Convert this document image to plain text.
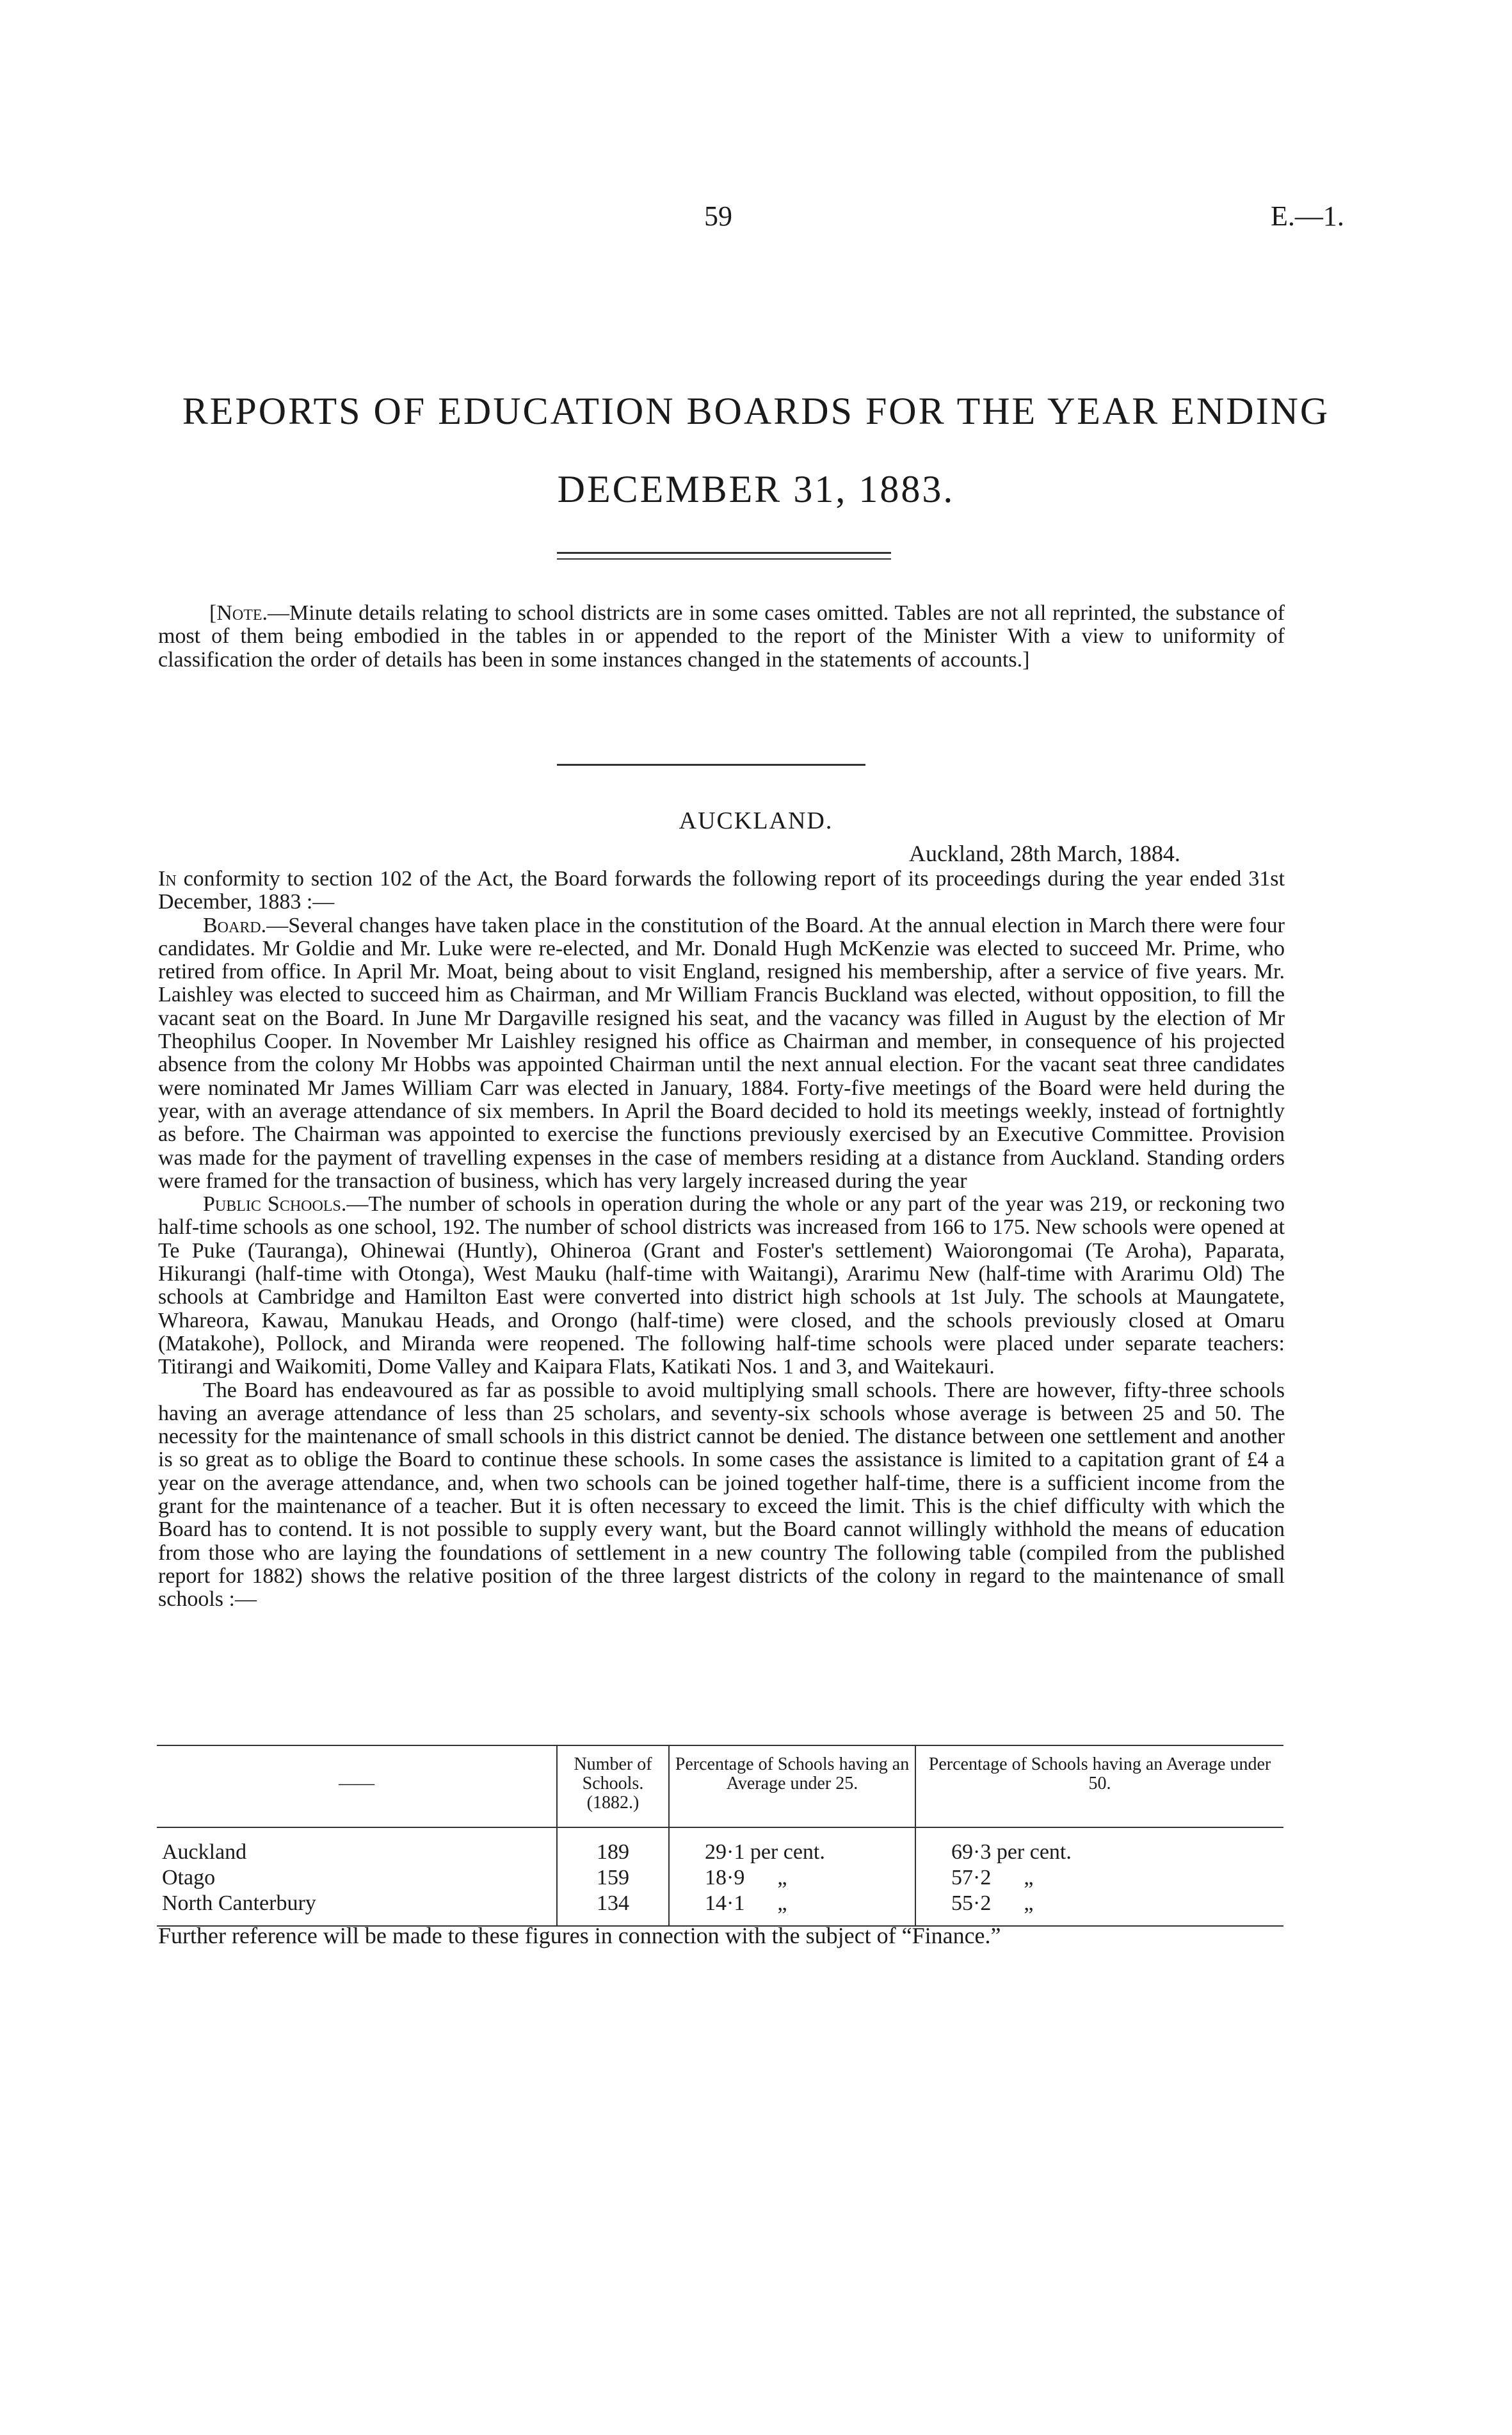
59	E.—1.
REPORTS OF EDUCATION BOARDS FOR THE YEAR ENDING
DECEMBER 31, 1883.
[Note.—Minute details relating to school districts are in some cases omitted. Tables are not all reprinted, the substance of most of them being embodied in the tables in or appended to the report of the Minister With a view to uniformity of classification the order of details has been in some instances changed in the statements of accounts.]
AUCKLAND.
Auckland, 28th March, 1884.

In conformity to section 102 of the Act, the Board forwards the following report of its proceedings during the year ended 31st December, 1883 :—

Board.—Several changes have taken place in the constitution of the Board. At the annual election in March there were four candidates. Mr Goldie and Mr. Luke were re-elected, and Mr. Donald Hugh McKenzie was elected to succeed Mr. Prime, who retired from office. In April Mr. Moat, being about to visit England, resigned his membership, after a service of five years. Mr. Laishley was elected to succeed him as Chairman, and Mr William Francis Buckland was elected, without opposition, to fill the vacant seat on the Board. In June Mr Dargaville resigned his seat, and the vacancy was filled in August by the election of Mr Theophilus Cooper. In November Mr Laishley resigned his office as Chairman and member, in consequence of his projected absence from the colony Mr Hobbs was appointed Chairman until the next annual election. For the vacant seat three candidates were nominated Mr James William Carr was elected in January, 1884. Forty-five meetings of the Board were held during the year, with an average attendance of six members. In April the Board decided to hold its meetings weekly, instead of fortnightly as before. The Chairman was appointed to exercise the functions previously exercised by an Executive Committee. Provision was made for the payment of travelling expenses in the case of members residing at a distance from Auckland. Standing orders were framed for the transaction of business, which has very largely increased during the year

Public Schools.—The number of schools in operation during the whole or any part of the year was 219, or reckoning two half-time schools as one school, 192. The number of school districts was increased from 166 to 175. New schools were opened at Te Puke (Tauranga), Ohinewai (Huntly), Ohineroa (Grant and Foster's settlement) Waiorongomai (Te Aroha), Paparata, Hikurangi (half-time with Otonga), West Mauku (half-time with Waitangi), Ararimu New (half-time with Ararimu Old) The schools at Cambridge and Hamilton East were converted into district high schools at 1st July. The schools at Maungatete, Whareora, Kawau, Manukau Heads, and Orongo (half-time) were closed, and the schools previously closed at Omaru (Matakohe), Pollock, and Miranda were reopened. The following half-time schools were placed under separate teachers: Titirangi and Waikomiti, Dome Valley and Kaipara Flats, Katikati Nos. 1 and 3, and Waitekauri.

The Board has endeavoured as far as possible to avoid multiplying small schools. There are however, fifty-three schools having an average attendance of less than 25 scholars, and seventy-six schools whose average is between 25 and 50. The necessity for the maintenance of small schools in this district cannot be denied. The distance between one settlement and another is so great as to oblige the Board to continue these schools. In some cases the assistance is limited to a capitation grant of £4 a year on the average attendance, and, when two schools can be joined together half-time, there is a sufficient income from the grant for the maintenance of a teacher. But it is often necessary to exceed the limit. This is the chief difficulty with which the Board has to contend. It is not possible to supply every want, but the Board cannot willingly withhold the means of education from those who are laying the foundations of settlement in a new country The following table (compiled from the published report for 1882) shows the relative position of the three largest districts of the colony in regard to the maintenance of small schools :—

——	Number of Schools. (1882.)	Percentage of Schools having an Average under 25.	Percentage of Schools having an Average under 50.

Auckland	189	29·1 per cent.	69·3 per cent.
Otago	159	18·9      „	57·2      „
North Canterbury	134	14·1      „	55·2      „

Further reference will be made to these figures in connection with the subject of “Finance.”
